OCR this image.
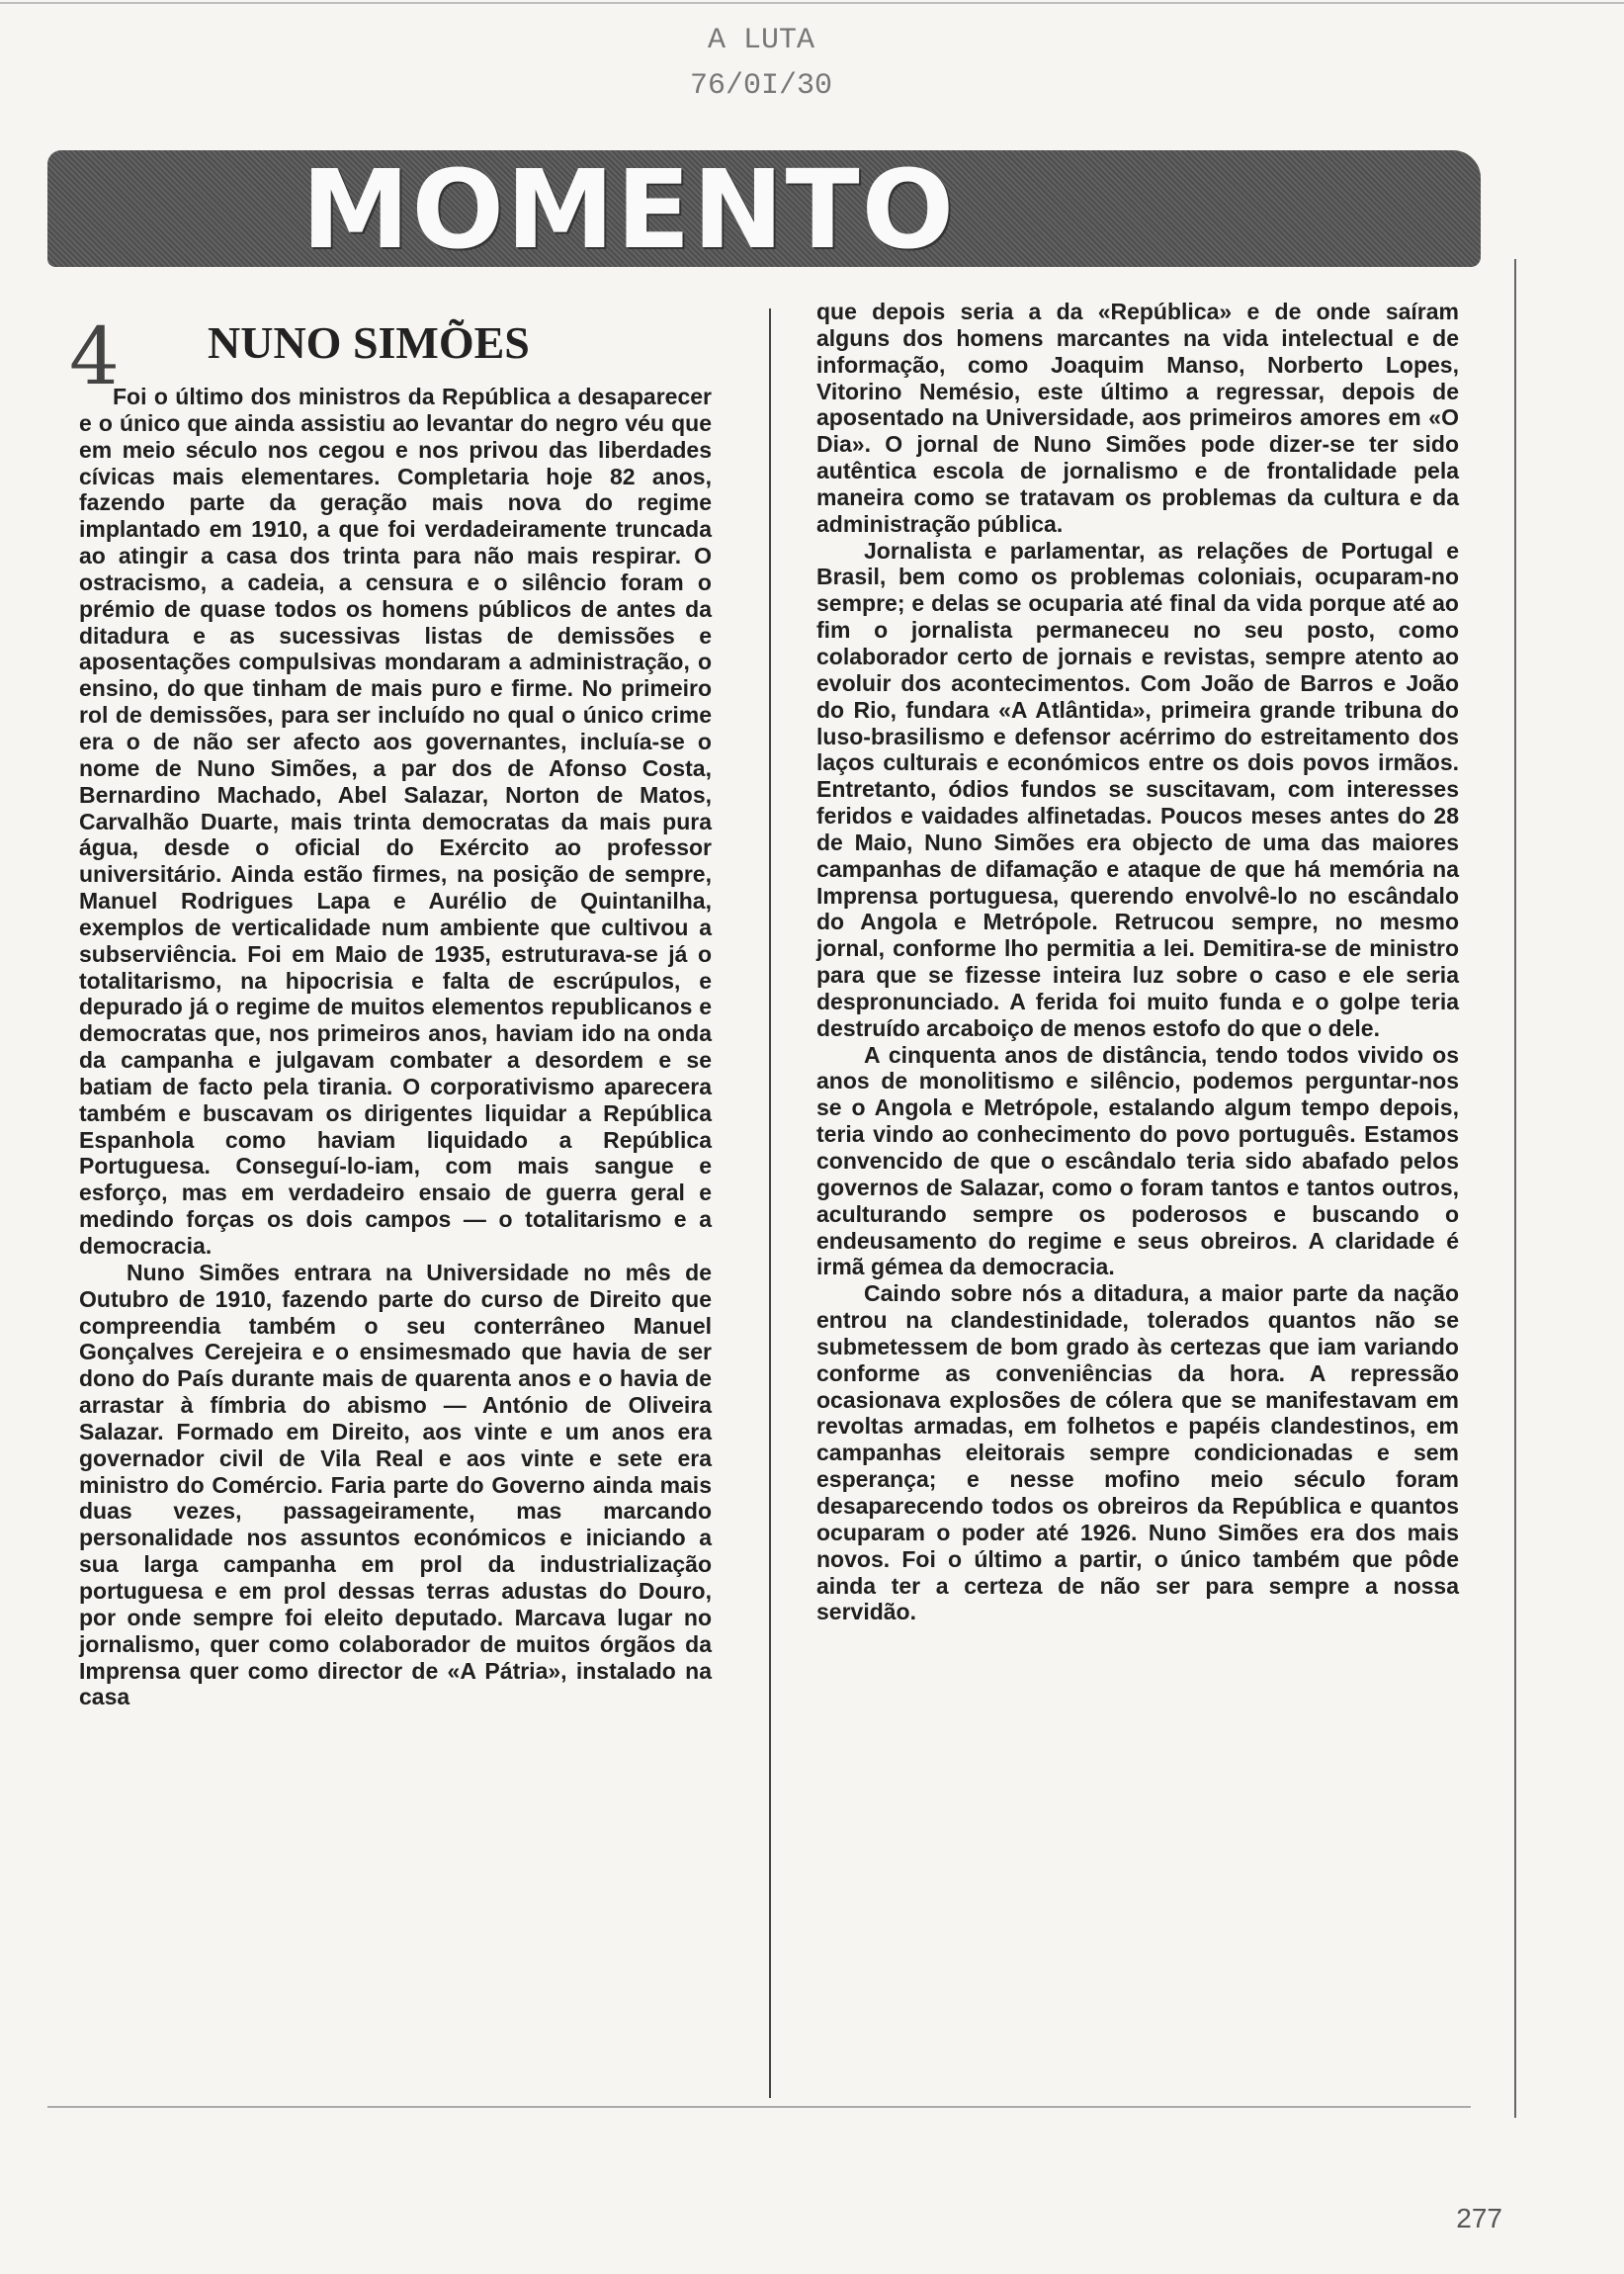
A LUTA
76/0I/30
MOMENTO
4 NUNO SIMÕES

Foi o último dos ministros da República a desaparecer e o único que ainda assistiu ao levantar do negro véu que em meio século nos cegou e nos privou das liberdades cívicas mais elementares. Completaria hoje 82 anos, fazendo parte da geração mais nova do regime implantado em 1910, a que foi verdadeiramente truncada ao atingir a casa dos trinta para não mais respirar. O ostracismo, a cadeia, a censura e o silêncio foram o prémio de quase todos os homens públicos de antes da ditadura e as sucessivas listas de demissões e aposentações compulsivas mondaram a administração, o ensino, do que tinham de mais puro e firme. No primeiro rol de demissões, para ser incluído no qual o único crime era o de não ser afecto aos governantes, incluía-se o nome de Nuno Simões, a par dos de Afonso Costa, Bernardino Machado, Abel Salazar, Norton de Matos, Carvalhão Duarte, mais trinta democratas da mais pura água, desde o oficial do Exército ao professor universitário. Ainda estão firmes, na posição de sempre, Manuel Rodrigues Lapa e Aurélio de Quintanilha, exemplos de verticalidade num ambiente que cultivou a subserviência. Foi em Maio de 1935, estruturava-se já o totalitarismo, na hipocrisia e falta de escrúpulos, e depurado já o regime de muitos elementos republicanos e democratas que, nos primeiros anos, haviam ido na onda da campanha e julgavam combater a desordem e se batiam de facto pela tirania. O corporativismo aparecera também e buscavam os dirigentes liquidar a República Espanhola como haviam liquidado a República Portuguesa. Conseguí-lo-iam, com mais sangue e esforço, mas em verdadeiro ensaio de guerra geral e medindo forças os dois campos — o totalitarismo e a democracia.

Nuno Simões entrara na Universidade no mês de Outubro de 1910, fazendo parte do curso de Direito que compreendia também o seu conterrâneo Manuel Gonçalves Cerejeira e o ensimesmado que havia de ser dono do País durante mais de quarenta anos e o havia de arrastar à fímbria do abismo — António de Oliveira Salazar. Formado em Direito, aos vinte e um anos era governador civil de Vila Real e aos vinte e sete era ministro do Comércio. Faria parte do Governo ainda mais duas vezes, passageiramente, mas marcando personalidade nos assuntos económicos e iniciando a sua larga campanha em prol da industrialização portuguesa e em prol dessas terras adustas do Douro, por onde sempre foi eleito deputado. Marcava lugar no jornalismo, quer como colaborador de muitos órgãos da Imprensa quer como director de «A Pátria», instalado na casa

que depois seria a da «República» e de onde saíram alguns dos homens marcantes na vida intelectual e de informação, como Joaquim Manso, Norberto Lopes, Vitorino Nemésio, este último a regressar, depois de aposentado na Universidade, aos primeiros amores em «O Dia». O jornal de Nuno Simões pode dizer-se ter sido autêntica escola de jornalismo e de frontalidade pela maneira como se tratavam os problemas da cultura e da administração pública.

Jornalista e parlamentar, as relações de Portugal e Brasil, bem como os problemas coloniais, ocuparam-no sempre; e delas se ocuparia até final da vida porque até ao fim o jornalista permaneceu no seu posto, como colaborador certo de jornais e revistas, sempre atento ao evoluir dos acontecimentos. Com João de Barros e João do Rio, fundara «A Atlântida», primeira grande tribuna do luso-brasilismo e defensor acérrimo do estreitamento dos laços culturais e económicos entre os dois povos irmãos. Entretanto, ódios fundos se suscitavam, com interesses feridos e vaidades alfinetadas. Poucos meses antes do 28 de Maio, Nuno Simões era objecto de uma das maiores campanhas de difamação e ataque de que há memória na Imprensa portuguesa, querendo envolvê-lo no escândalo do Angola e Metrópole. Retrucou sempre, no mesmo jornal, conforme lho permitia a lei. Demitira-se de ministro para que se fizesse inteira luz sobre o caso e ele seria despronunciado. A ferida foi muito funda e o golpe teria destruído arcaboiço de menos estofo do que o dele.

A cinquenta anos de distância, tendo todos vivido os anos de monolitismo e silêncio, podemos perguntar-nos se o Angola e Metrópole, estalando algum tempo depois, teria vindo ao conhecimento do povo português. Estamos convencido de que o escândalo teria sido abafado pelos governos de Salazar, como o foram tantos e tantos outros, aculturando sempre os poderosos e buscando o endeusamento do regime e seus obreiros. A claridade é irmã gémea da democracia.

Caindo sobre nós a ditadura, a maior parte da nação entrou na clandestinidade, tolerados quantos não se submetessem de bom grado às certezas que iam variando conforme as conveniências da hora. A repressão ocasionava explosões de cólera que se manifestavam em revoltas armadas, em folhetos e papéis clandestinos, em campanhas eleitorais sempre condicionadas e sem esperança; e nesse mofino meio século foram desaparecendo todos os obreiros da República e quantos ocuparam o poder até 1926. Nuno Simões era dos mais novos. Foi o último a partir, o único também que pôde ainda ter a certeza de não ser para sempre a nossa servidão.

277
